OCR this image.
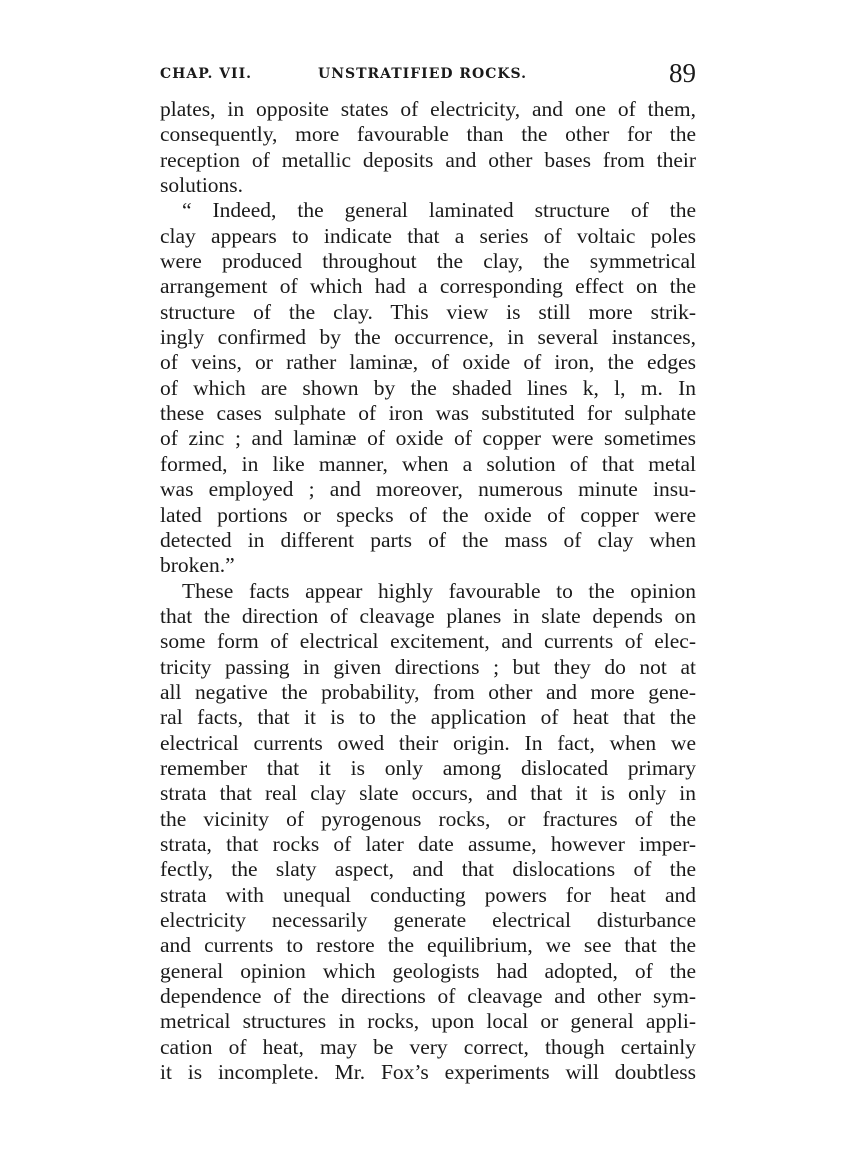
CHAP. VII.	UNSTRATIFIED ROCKS.	89
plates, in opposite states of electricity, and one of them,
consequently, more favourable than the other for the
reception of metallic deposits and other bases from their
solutions.
“ Indeed, the general laminated structure of the
clay appears to indicate that a series of voltaic poles
were produced throughout the clay, the symmetrical
arrangement of which had a corresponding effect on the
structure of the clay. This view is still more strik-
ingly confirmed by the occurrence, in several instances,
of veins, or rather laminæ, of oxide of iron, the edges
of which are shown by the shaded lines k, l, m. In
these cases sulphate of iron was substituted for sulphate
of zinc ; and laminæ of oxide of copper were sometimes
formed, in like manner, when a solution of that metal
was employed ; and moreover, numerous minute insu-
lated portions or specks of the oxide of copper were
detected in different parts of the mass of clay when
broken.”
These facts appear highly favourable to the opinion
that the direction of cleavage planes in slate depends on
some form of electrical excitement, and currents of elec-
tricity passing in given directions ; but they do not at
all negative the probability, from other and more gene-
ral facts, that it is to the application of heat that the
electrical currents owed their origin. In fact, when we
remember that it is only among dislocated primary
strata that real clay slate occurs, and that it is only in
the vicinity of pyrogenous rocks, or fractures of the
strata, that rocks of later date assume, however imper-
fectly, the slaty aspect, and that dislocations of the
strata with unequal conducting powers for heat and
electricity necessarily generate electrical disturbance
and currents to restore the equilibrium, we see that the
general opinion which geologists had adopted, of the
dependence of the directions of cleavage and other sym-
metrical structures in rocks, upon local or general appli-
cation of heat, may be very correct, though certainly
it is incomplete. Mr. Fox’s experiments will doubtless
